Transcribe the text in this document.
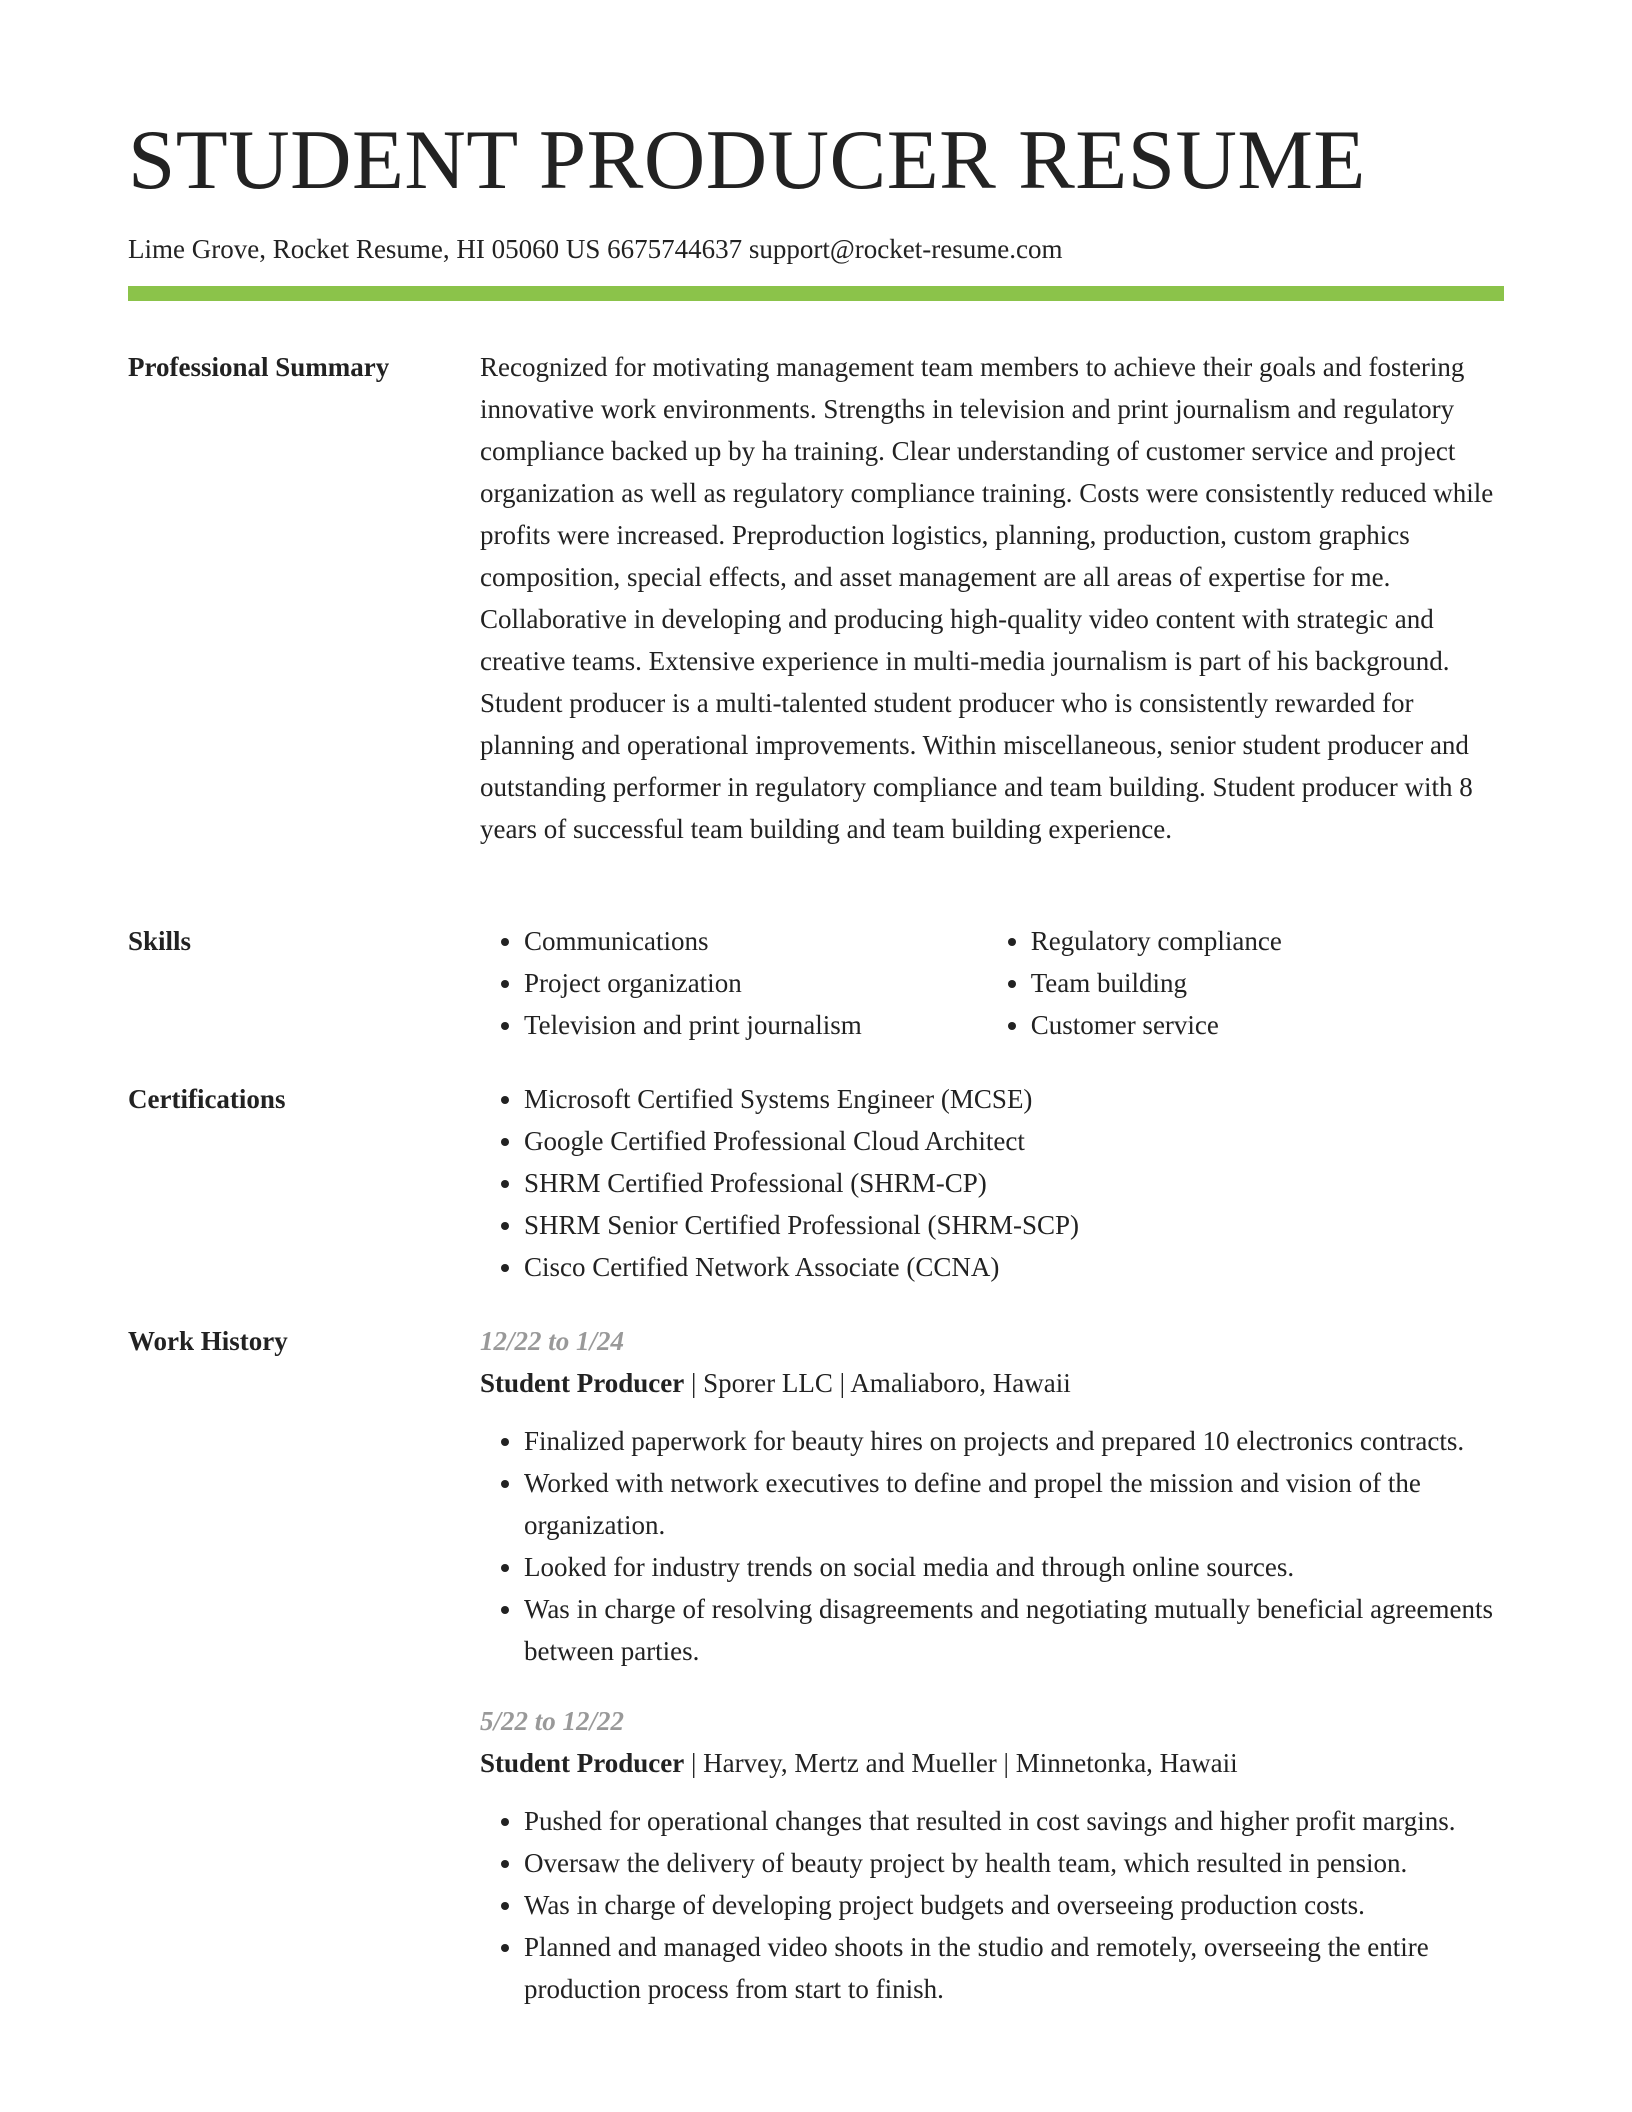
STUDENT PRODUCER RESUME
Lime Grove, Rocket Resume, HI 05060 US 6675744637 support@rocket-resume.com
Professional Summary	Recognized for motivating management team members to achieve their goals and fostering innovative work environments. Strengths in television and print journalism and regulatory compliance backed up by ha training. Clear understanding of customer service and project organization as well as regulatory compliance training. Costs were consistently reduced while profits were increased. Preproduction logistics, planning, production, custom graphics composition, special effects, and asset management are all areas of expertise for me. Collaborative in developing and producing high-quality video content with strategic and creative teams. Extensive experience in multi-media journalism is part of his background. Student producer is a multi-talented student producer who is consistently rewarded for planning and operational improvements. Within miscellaneous, senior student producer and outstanding performer in regulatory compliance and team building. Student producer with 8 years of successful team building and team building experience.

Skills	• Communications
• Project organization
• Television and print journalism
• Regulatory compliance
• Team building
• Customer service
Certifications	• Microsoft Certified Systems Engineer (MCSE)
• Google Certified Professional Cloud Architect
• SHRM Certified Professional (SHRM-CP)
• SHRM Senior Certified Professional (SHRM-SCP)
• Cisco Certified Network Associate (CCNA)
Work History	12/22 to 1/24
Student Producer | Sporer LLC | Amaliaboro, Hawaii
• Finalized paperwork for beauty hires on projects and prepared 10 electronics contracts.
• Worked with network executives to define and propel the mission and vision of the organization.
• Looked for industry trends on social media and through online sources.
• Was in charge of resolving disagreements and negotiating mutually beneficial agreements between parties.
5/22 to 12/22
Student Producer | Harvey, Mertz and Mueller | Minnetonka, Hawaii
• Pushed for operational changes that resulted in cost savings and higher profit margins.
• Oversaw the delivery of beauty project by health team, which resulted in pension.
• Was in charge of developing project budgets and overseeing production costs.
• Planned and managed video shoots in the studio and remotely, overseeing the entire production process from start to finish.
